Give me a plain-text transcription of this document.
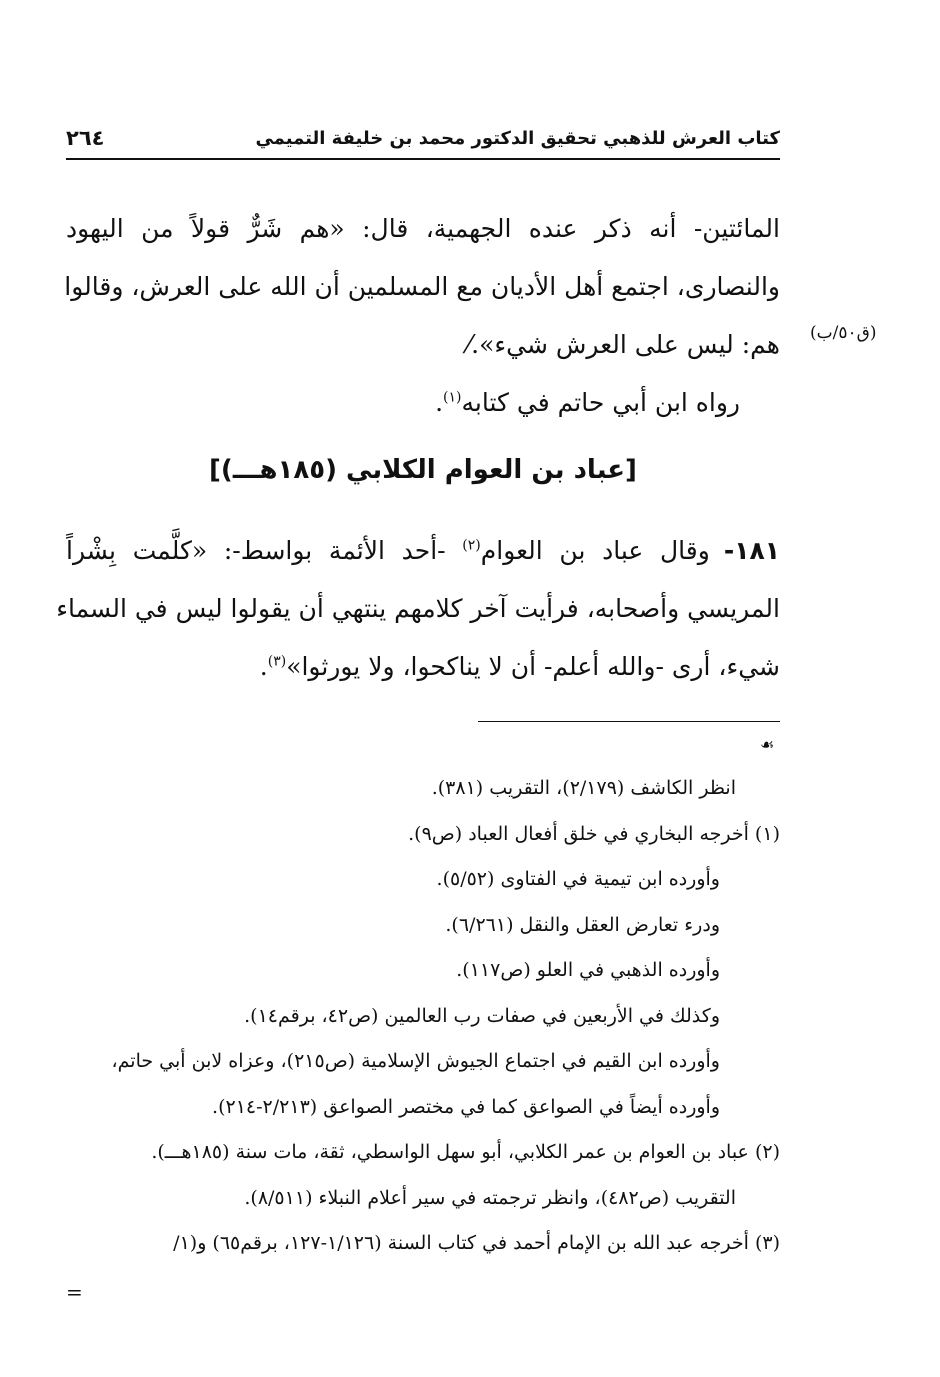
كتاب العرش للذهبي تحقيق الدكتور محمد بن خليفة التميمي
٢٦٤
المائتين- أنه ذكر عنده الجهمية، قال: «هم شَرٌّ قولاً من اليهود
والنصارى، اجتمع أهل الأديان مع المسلمين أن الله على العرش، وقالوا
هم: ليس على العرش شيء».⁄
رواه ابن أبي حاتم في كتابه$^{(١)}$.
(ق٥٠/ب)
[عباد بن العوام الكلابي (١٨٥هـــ)]
١٨١-وقال عباد بن العوام$^{(٢)}$ -أحد الأئمة بواسط-: «كلَّمت بِشْراً
المريسي وأصحابه، فرأيت آخر كلامهم ينتهي أن يقولوا ليس في السماء
شيء، أرى -والله أعلم- أن لا يناكحوا، ولا يورثوا»$^{(٣)}$.
☙
انظر الكاشف (٢/١٧٩)، التقريب (٣٨١).
(١) أخرجه البخاري في خلق أفعال العباد (ص٩).
وأورده ابن تيمية في الفتاوى (٥/٥٢).
ودرء تعارض العقل والنقل (٦/٢٦١).
وأورده الذهبي في العلو (ص١١٧).
وكذلك في الأربعين في صفات رب العالمين (ص٤٢، برقم١٤).
وأورده ابن القيم في اجتماع الجيوش الإسلامية (ص٢١٥)، وعزاه لابن أبي حاتم،
وأورده أيضاً في الصواعق كما في مختصر الصواعق (٢/٢١٣-٢١٤).
(٢) عباد بن العوام بن عمر الكلابي، أبو سهل الواسطي، ثقة، مات سنة (١٨٥هـــ).
التقريب (ص٤٨٢)، وانظر ترجمته في سير أعلام النبلاء (٨/٥١١).
(٣) أخرجه عبد الله بن الإمام أحمد في كتاب السنة (١/١٢٦-١٢٧، برقم٦٥) و(١/
=
